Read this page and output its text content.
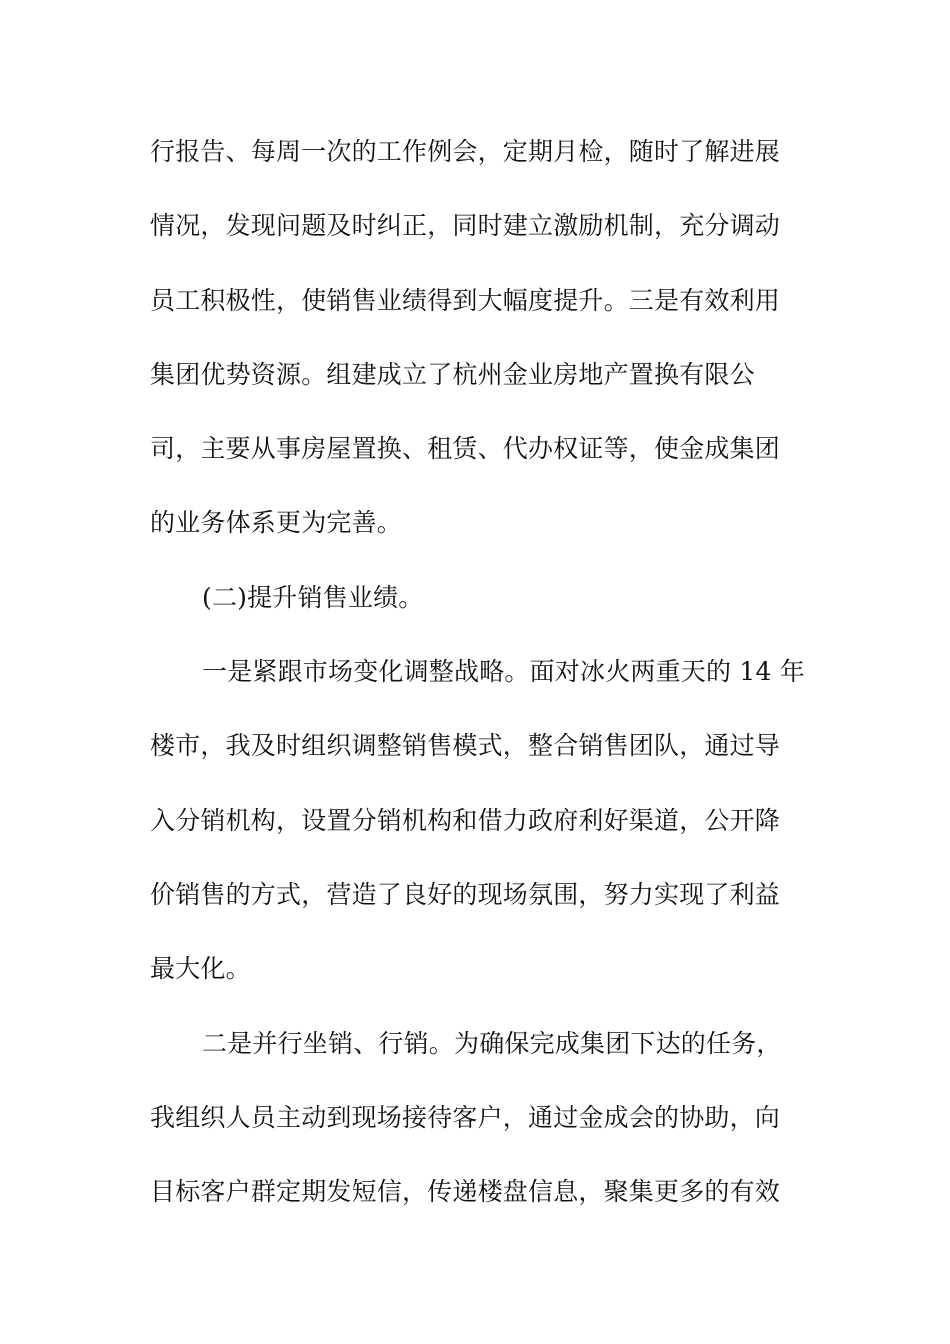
行报告、每周一次的工作例会，定期月检，随时了解进展
情况，发现问题及时纠正，同时建立激励机制，充分调动
员工积极性，使销售业绩得到大幅度提升。三是有效利用
集团优势资源。组建成立了杭州金业房地产置换有限公
司，主要从事房屋置换、租赁、代办权证等，使金成集团
的业务体系更为完善。
(二)提升销售业绩。
一是紧跟市场变化调整战略。面对冰火两重天的 14 年
楼市，我及时组织调整销售模式，整合销售团队，通过导
入分销机构，设置分销机构和借力政府利好渠道，公开降
价销售的方式，营造了良好的现场氛围，努力实现了利益
最大化。
二是并行坐销、行销。为确保完成集团下达的任务，
我组织人员主动到现场接待客户，通过金成会的协助，向
目标客户群定期发短信，传递楼盘信息，聚集更多的有效
